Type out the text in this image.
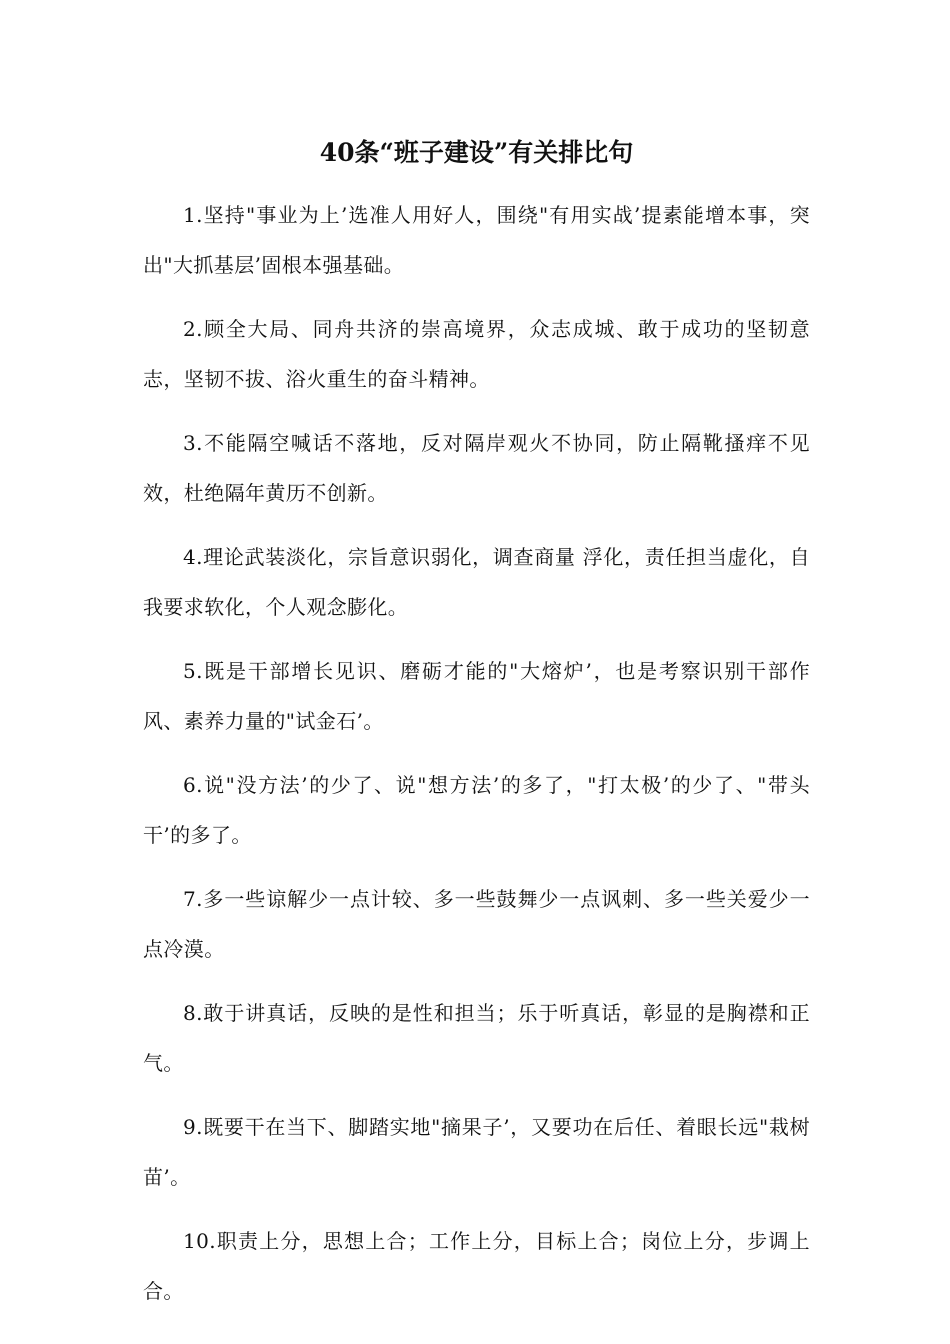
40条“班子建设”有关排比句

1.坚持"事业为上’选准人用好人，围绕"有用实战’提素能增本事，突出"大抓基层’固根本强基础。

2.顾全大局、同舟共济的崇高境界，众志成城、敢于成功的坚韧意志，坚韧不拔、浴火重生的奋斗精神。

3.不能隔空喊话不落地，反对隔岸观火不协同，防止隔靴搔痒不见效，杜绝隔年黄历不创新。

4.理论武装淡化，宗旨意识弱化，调查商量 浮化，责任担当虚化，自我要求软化，个人观念膨化。

5.既是干部增长见识、磨砺才能的"大熔炉’，也是考察识别干部作风、素养力量的"试金石’。

6.说"没方法’的少了、说"想方法’的多了，"打太极’的少了、"带头干’的多了。

7.多一些谅解少一点计较、多一些鼓舞少一点讽刺、多一些关爱少一点冷漠。

8.敢于讲真话，反映的是性和担当；乐于听真话，彰显的是胸襟和正气。

9.既要干在当下、脚踏实地"摘果子’，又要功在后任、着眼长远"栽树苗’。

10.职责上分，思想上合；工作上分，目标上合；岗位上分，步调上合。
